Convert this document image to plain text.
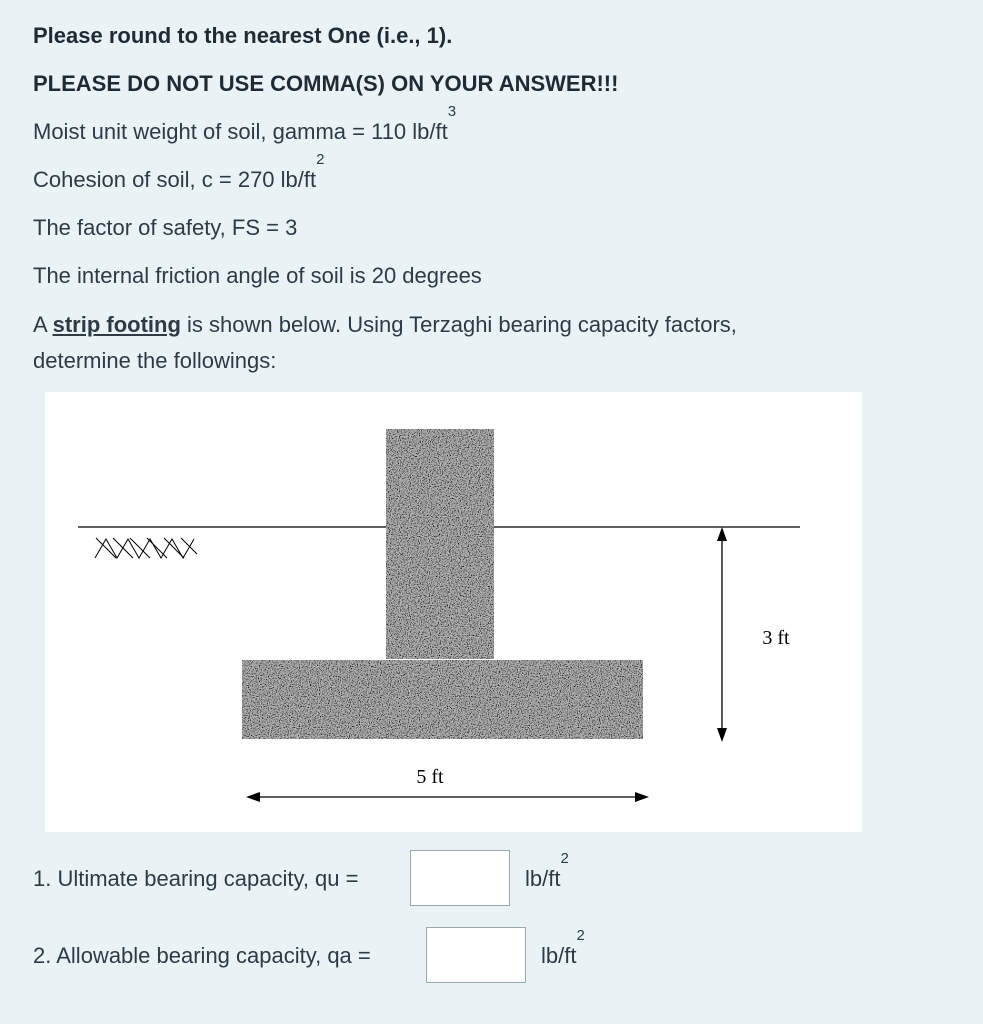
Please round to the nearest One (i.e., 1).
PLEASE DO NOT USE COMMA(S) ON YOUR ANSWER!!!
Moist unit weight of soil, gamma = 110 $lb/ft^3$
Cohesion of soil, c = 270 $lb/ft^2$
The factor of safety, FS = 3
The internal friction angle of soil is 20 degrees
A strip footing is shown below. Using Terzaghi bearing capacity factors,
determine the followings:
3 ft
5 ft
1. Ultimate bearing capacity, qu =	$lb/ft^2$
2. Allowable bearing capacity, qa =	$lb/ft^2$
